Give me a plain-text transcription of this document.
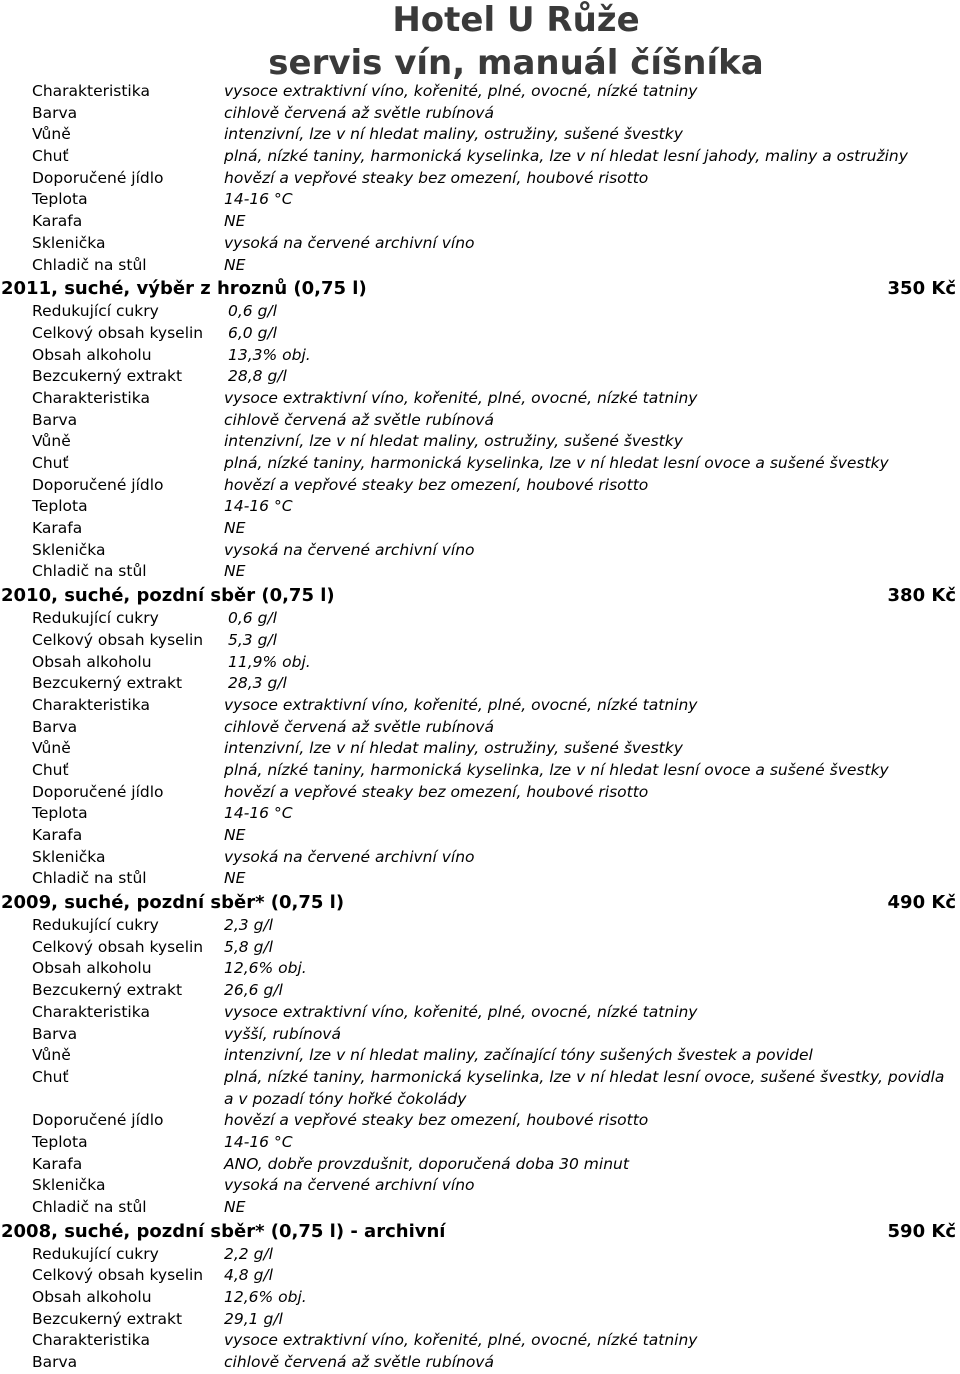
Hotel U Růže
servis vín, manuál číšníka
Charakteristika	vysoce extraktivní víno, kořenité, plné, ovocné, nízké tatniny
Barva	cihlově červená až světle rubínová
Vůně	intenzivní, lze v ní hledat maliny, ostružiny, sušené švestky
Chuť	plná, nízké taniny, harmonická kyselinka, lze v ní hledat lesní jahody, maliny a ostružiny
Doporučené jídlo	hovězí a vepřové steaky bez omezení, houbové risotto
Teplota	14-16 °C
Karafa	NE
Sklenička	vysoká na červené archivní víno
Chladič na stůl	NE
2011, suché, výběr z hroznů (0,75 l)	350 Kč
Redukující cukry	0,6 g/l
Celkový obsah kyselin 6,0 g/l
Obsah alkoholu	13,3% obj.
Bezcukerný extrakt	28,8 g/l
Charakteristika	vysoce extraktivní víno, kořenité, plné, ovocné, nízké tatniny
Barva	cihlově červená až světle rubínová
Vůně	intenzivní, lze v ní hledat maliny, ostružiny, sušené švestky
Chuť	plná, nízké taniny, harmonická kyselinka, lze v ní hledat lesní ovoce a sušené švestky
Doporučené jídlo	hovězí a vepřové steaky bez omezení, houbové risotto
Teplota	14-16 °C
Karafa	NE
Sklenička	vysoká na červené archivní víno
Chladič na stůl	NE
2010, suché, pozdní sběr (0,75 l)	380 Kč
Redukující cukry	0,6 g/l
Celkový obsah kyselin 5,3 g/l
Obsah alkoholu	11,9% obj.
Bezcukerný extrakt	28,3 g/l
Charakteristika	vysoce extraktivní víno, kořenité, plné, ovocné, nízké tatniny
Barva	cihlově červená až světle rubínová
Vůně	intenzivní, lze v ní hledat maliny, ostružiny, sušené švestky
Chuť	plná, nízké taniny, harmonická kyselinka, lze v ní hledat lesní ovoce a sušené švestky
Doporučené jídlo	hovězí a vepřové steaky bez omezení, houbové risotto
Teplota	14-16 °C
Karafa	NE
Sklenička	vysoká na červené archivní víno
Chladič na stůl	NE
2009, suché, pozdní sběr* (0,75 l)	490 Kč
Redukující cukry	2,3 g/l
Celkový obsah kyselin 5,8 g/l
Obsah alkoholu	12,6% obj.
Bezcukerný extrakt	26,6 g/l
Charakteristika	vysoce extraktivní víno, kořenité, plné, ovocné, nízké tatniny
Barva	vyšší, rubínová
Vůně	intenzivní, lze v ní hledat maliny, začínající tóny sušených švestek a povidel
Chuť	plná, nízké taniny, harmonická kyselinka, lze v ní hledat lesní ovoce, sušené švestky, povidla a v pozadí tóny hořké čokolády
Doporučené jídlo	hovězí a vepřové steaky bez omezení, houbové risotto
Teplota	14-16 °C
Karafa	ANO, dobře provzdušnit, doporučená doba 30 minut
Sklenička	vysoká na červené archivní víno
Chladič na stůl	NE
2008, suché, pozdní sběr* (0,75 l) - archivní	590 Kč
Redukující cukry	2,2 g/l
Celkový obsah kyselin 4,8 g/l
Obsah alkoholu	12,6% obj.
Bezcukerný extrakt	29,1 g/l
Charakteristika	vysoce extraktivní víno, kořenité, plné, ovocné, nízké tatniny
Barva	cihlově červená až světle rubínová
